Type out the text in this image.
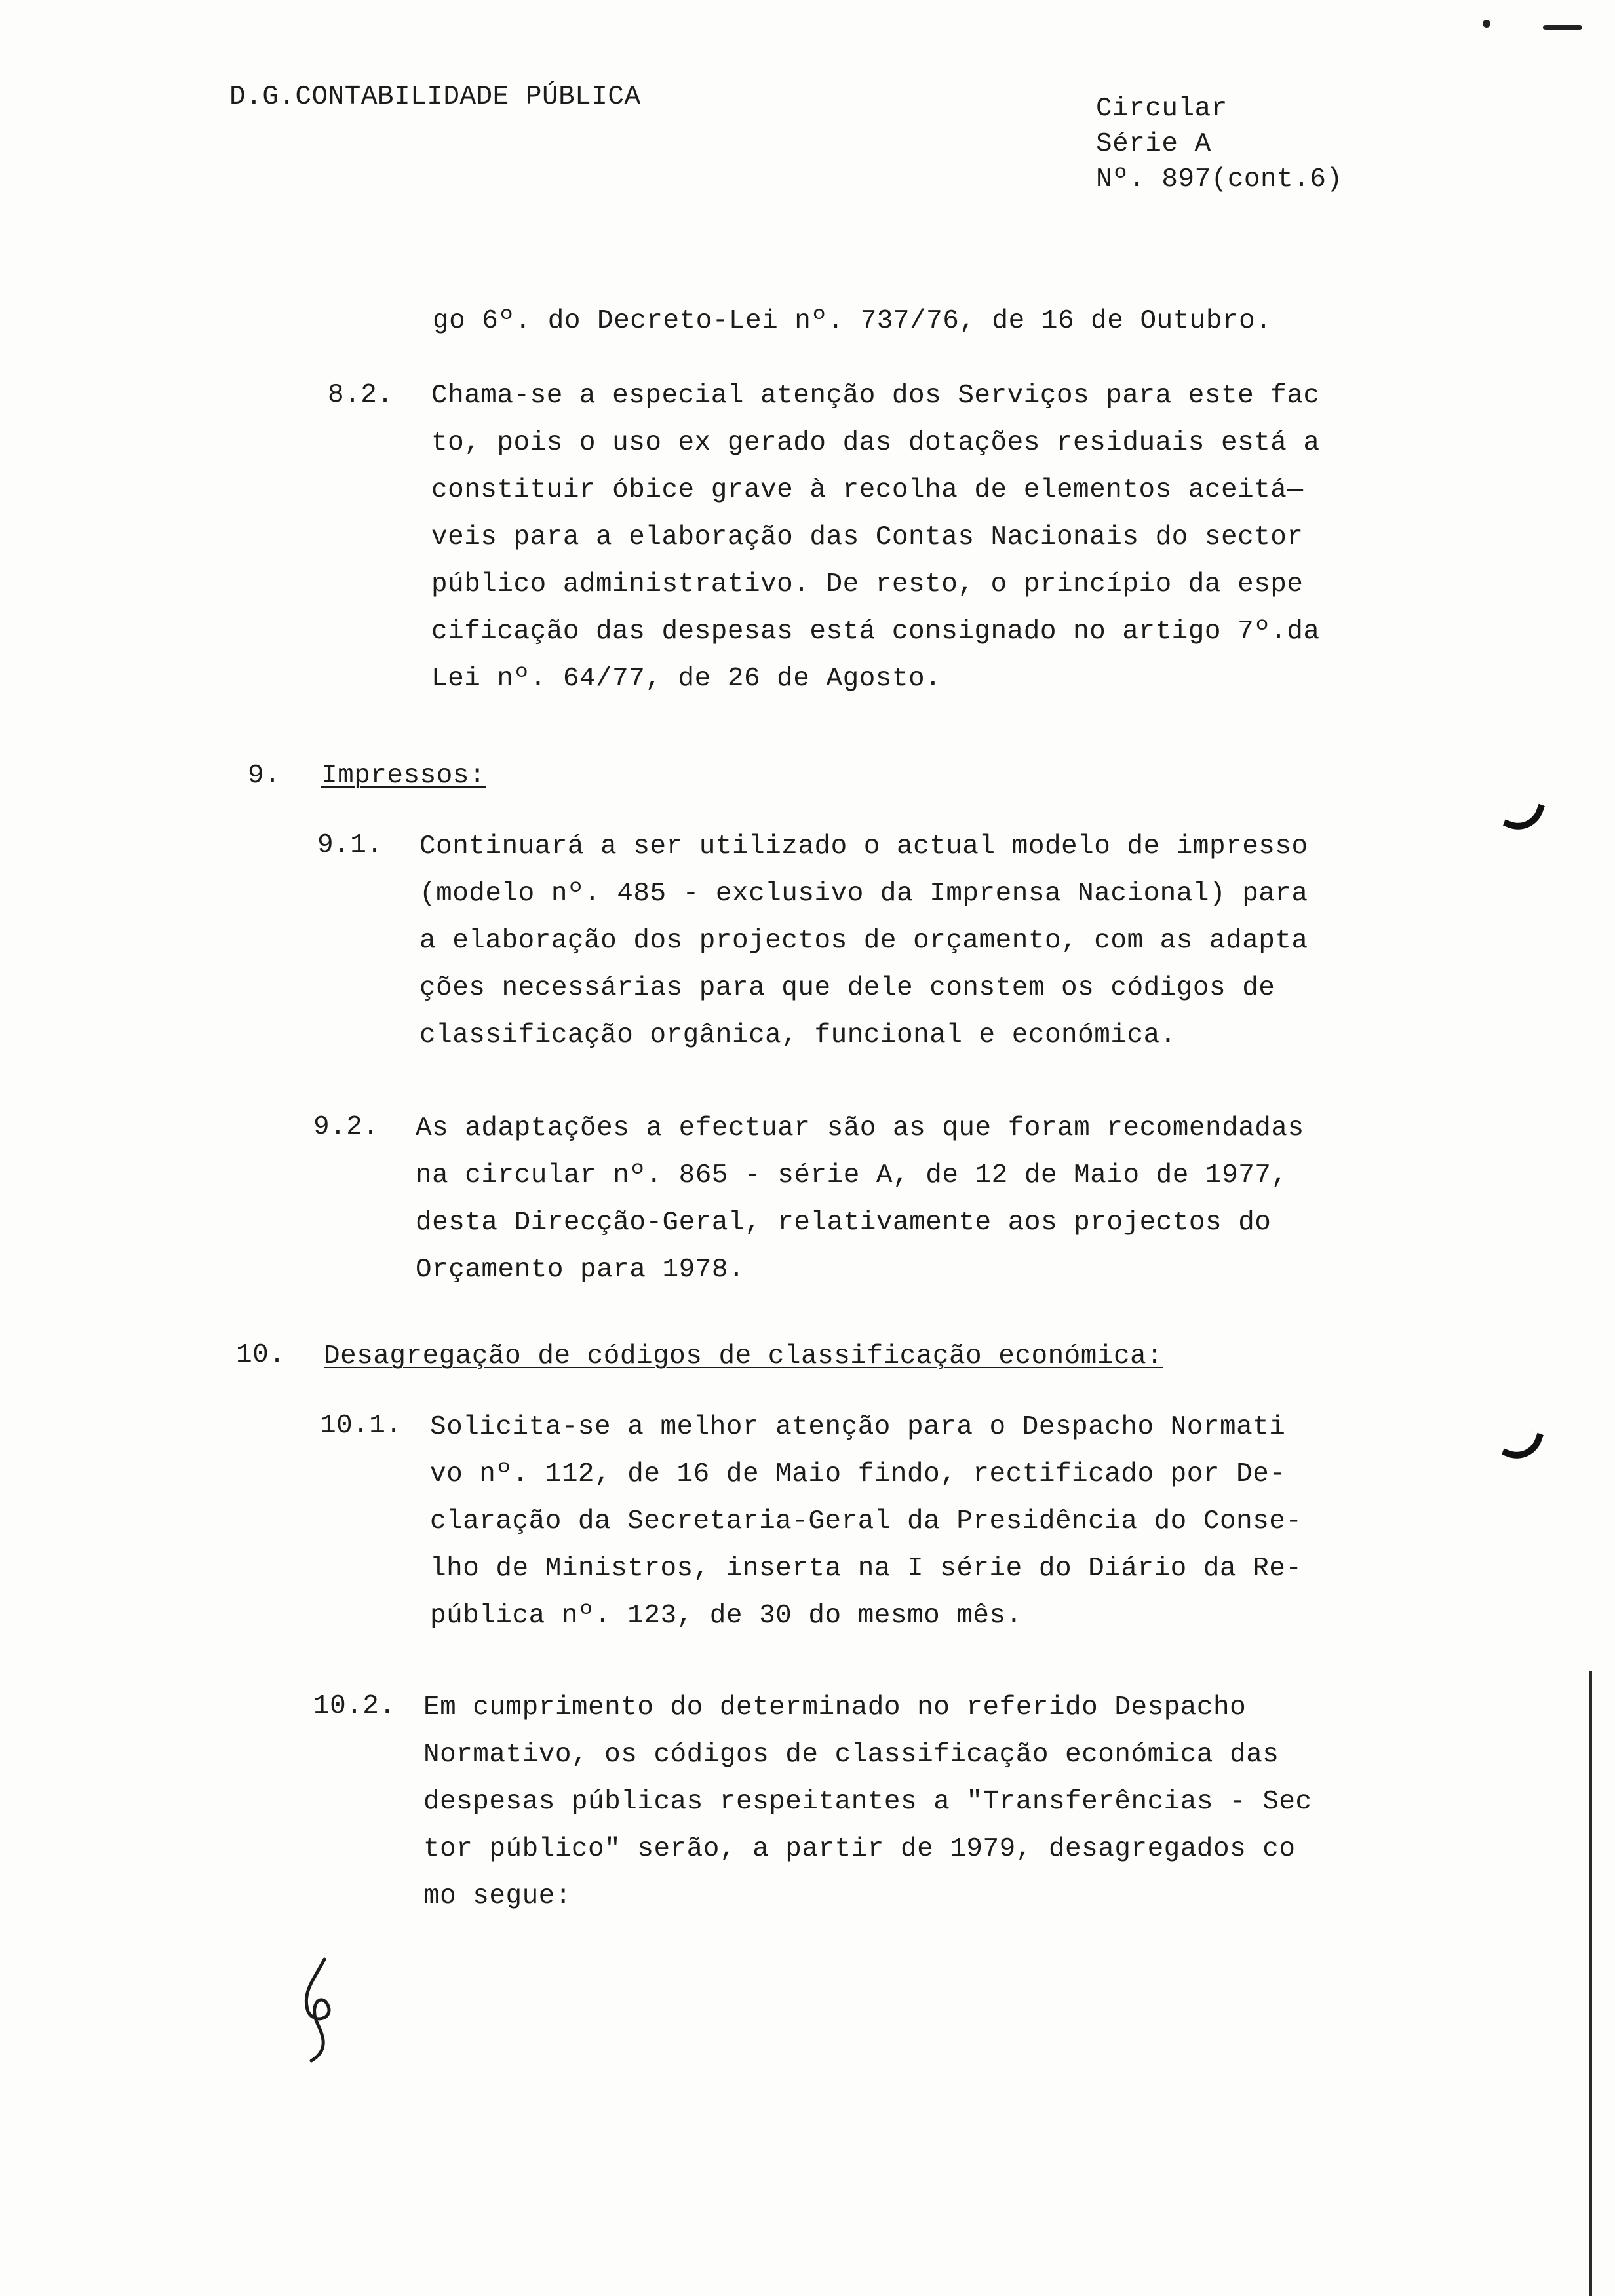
D.G.CONTABILIDADE PÚBLICA	Circular
Série A
Nº. 897(cont.6)
go 6º. do Decreto-Lei nº. 737/76, de 16 de Outubro.
8.2. Chama-se a especial atenção dos Serviços para este fac
to, pois o uso ex gerado das dotações residuais está a
constituir óbice grave à recolha de elementos aceitá—
veis para a elaboração das Contas Nacionais do sector
público administrativo. De resto, o princípio da espe
cificação das despesas está consignado no artigo 7º.da
Lei nº. 64/77, de 26 de Agosto.
9. Impressos:
9.1. Continuará a ser utilizado o actual modelo de impresso
(modelo nº. 485 - exclusivo da Imprensa Nacional) para
a elaboração dos projectos de orçamento, com as adapta
ções necessárias para que dele constem os códigos de
classificação orgânica, funcional e económica.
9.2. As adaptações a efectuar são as que foram recomendadas
na circular nº. 865 - série A, de 12 de Maio de 1977,
desta Direcção-Geral, relativamente aos projectos do
Orçamento para 1978.
10. Desagregação de códigos de classificação económica:
10.1. Solicita-se a melhor atenção para o Despacho Normati
vo nº. 112, de 16 de Maio findo, rectificado por De-
claração da Secretaria-Geral da Presidência do Conse-
lho de Ministros, inserta na I série do Diário da Re-
pública nº. 123, de 30 do mesmo mês.
10.2. Em cumprimento do determinado no referido Despacho
Normativo, os códigos de classificação económica das
despesas públicas respeitantes a "Transferências - Sec
tor público" serão, a partir de 1979, desagregados co
mo segue:
